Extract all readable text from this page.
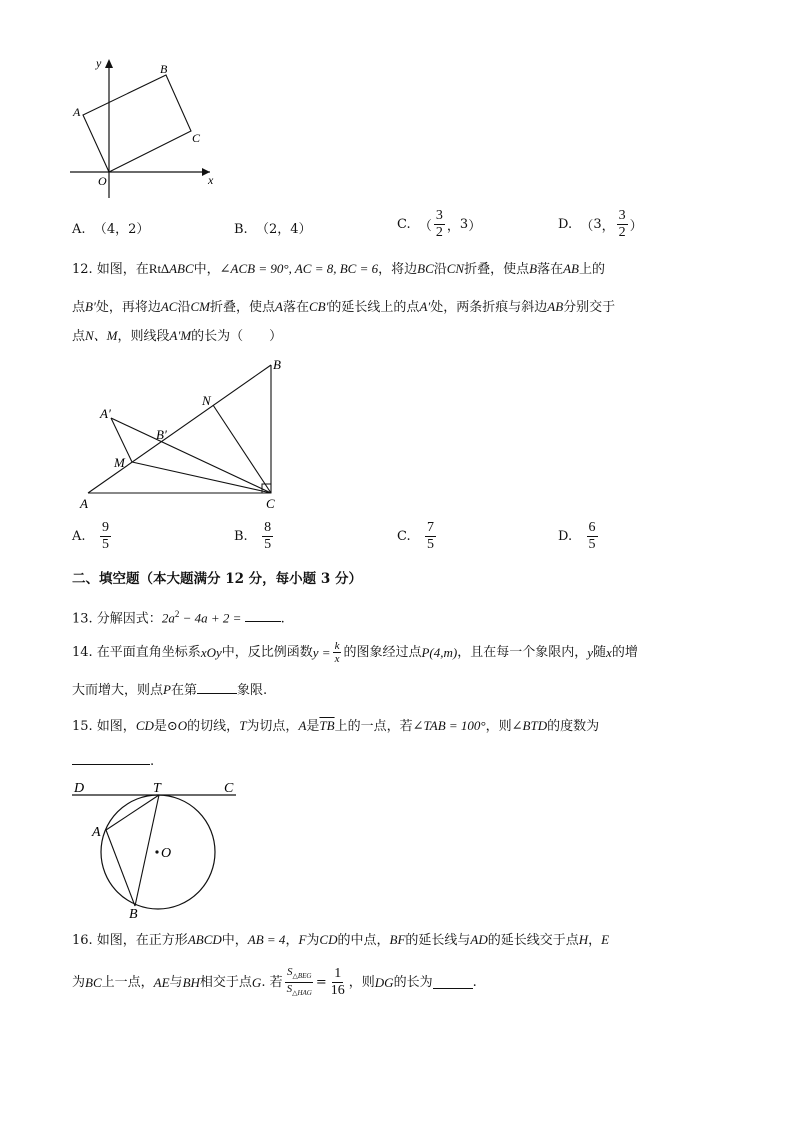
y
x
O
A
B
C
A. （4，2）	B. （2，4）	C.
（ $\frac{3}{2}$ ， 3 ）	D.
（ 3 ， $\frac{3}{2}$ ）
12. 如图，在Rt∆ABC中，∠ACB = 90°, AC = 8, BC = 6，将边BC沿CN折叠，使点B落在AB上的
点B′处，再将边AC沿CM折叠，使点A落在CB′的延长线上的点A′处，两条折痕与斜边AB分别交于
点N、M，则线段A′M的长为（　　）
A
B
C
N
M
A′
B′
A.
$\frac{9}{5}$	B.
$\frac{8}{5}$	C.
$\frac{7}{5}$	D.
$\frac{6}{5}$
二、填空题（本大题满分 12 分，每小题 3 分）
13. 分解因式：$2a^2 - 4a + 2$ =	.
14. 在平面直角坐标系 xOy 中，反比例函数 $y = \frac{k}{x}$ 的图象经过点 P(4,m) ，且在每一个象限内， y 随 x 的增
大而增大，则点P在第	象限.
15. 如图，CD是⊙O的切线，T为切点，A是$\overline{TB}$上的一点，若∠TAB = 100°，则∠BTD的度数为
.
D	T	C
A
O
B
16. 如图，在正方形ABCD中，AB = 4，F为CD的中点，BF的延长线与AD的延长线交于点H，E
为 BC 上一点， AE 与 BH 相交于点 G . 若 $\frac{S_{\triangle BEG}}{S_{\triangle HAG}} = \frac{1}{16}$ ，则 DG 的长为	.
